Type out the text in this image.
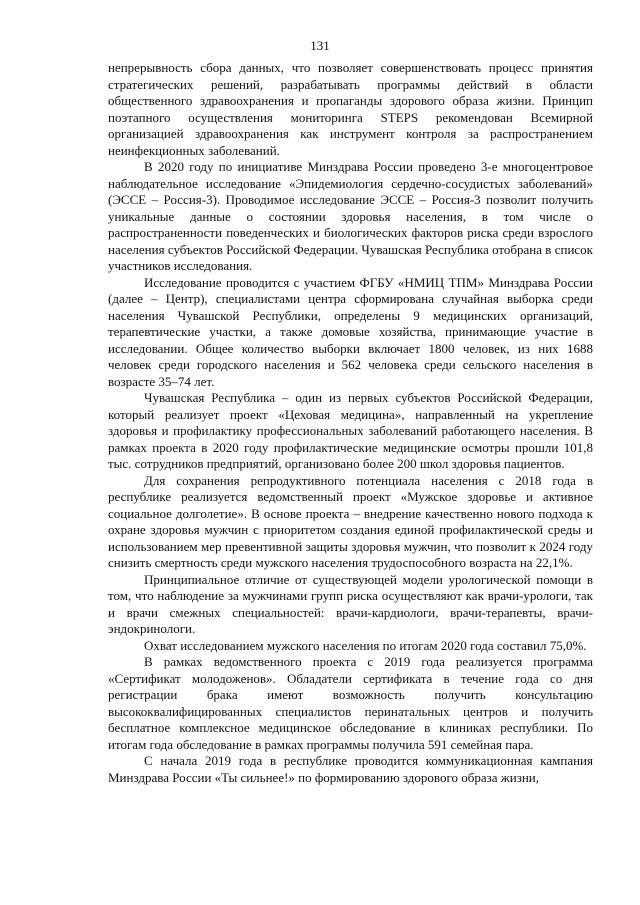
131

непрерывность сбора данных, что позволяет совершенствовать процесс принятия стратегических решений, разрабатывать программы действий в области общественного здравоохранения и пропаганды здорового образа жизни. Принцип поэтапного осуществления мониторинга STEPS рекомендован Всемирной организацией здравоохранения как инструмент контроля за распространением неинфекционных заболеваний.

В 2020 году по инициативе Минздрава России проведено 3-е многоцентровое наблюдательное исследование «Эпидемиология сердечно-сосудистых заболеваний» (ЭССЕ – Россия-3). Проводимое исследование ЭССЕ – Россия-3 позволит получить уникальные данные о состоянии здоровья населения, в том числе о распространенности поведенческих и биологических факторов риска среди взрослого населения субъектов Российской Федерации. Чувашская Республика отобрана в список участников исследования.

Исследование проводится с участием ФГБУ «НМИЦ ТПМ» Минздрава России (далее – Центр), специалистами центра сформирована случайная выборка среди населения Чувашской Республики, определены 9 медицинских организаций, терапевтические участки, а также домовые хозяйства, принимающие участие в исследовании. Общее количество выборки включает 1800 человек, из них 1688 человек среди городского населения и 562 человека среди сельского населения в возрасте 35–74 лет.

Чувашская Республика – один из первых субъектов Российской Федерации, который реализует проект «Цеховая медицина», направленный на укрепление здоровья и профилактику профессиональных заболеваний работающего населения. В рамках проекта в 2020 году профилактические медицинские осмотры прошли 101,8 тыс. сотрудников предприятий, организовано более 200 школ здоровья пациентов.

Для сохранения репродуктивного потенциала населения с 2018 года в республике реализуется ведомственный проект «Мужское здоровье и активное социальное долголетие». В основе проекта – внедрение качественно нового подхода к охране здоровья мужчин с приоритетом создания единой профилактической среды и использованием мер превентивной защиты здоровья мужчин, что позволит к 2024 году снизить смертность среди мужского населения трудоспособного возраста на 22,1%.

Принципиальное отличие от существующей модели урологической помощи в том, что наблюдение за мужчинами групп риска осуществляют как врачи-урологи, так и врачи смежных специальностей: врачи-кардиологи, врачи-терапевты, врачи-эндокринологи.

Охват исследованием мужского населения по итогам 2020 года составил 75,0%.

В рамках ведомственного проекта с 2019 года реализуется программа «Сертификат молодоженов». Обладатели сертификата в течение года со дня регистрации брака имеют возможность получить консультацию высококвалифицированных специалистов перинатальных центров и получить бесплатное комплексное медицинское обследование в клиниках республики. По итогам года обследование в рамках программы получила 591 семейная пара.

С начала 2019 года в республике проводится коммуникационная кампания Минздрава России «Ты сильнее!» по формированию здорового образа жизни,
